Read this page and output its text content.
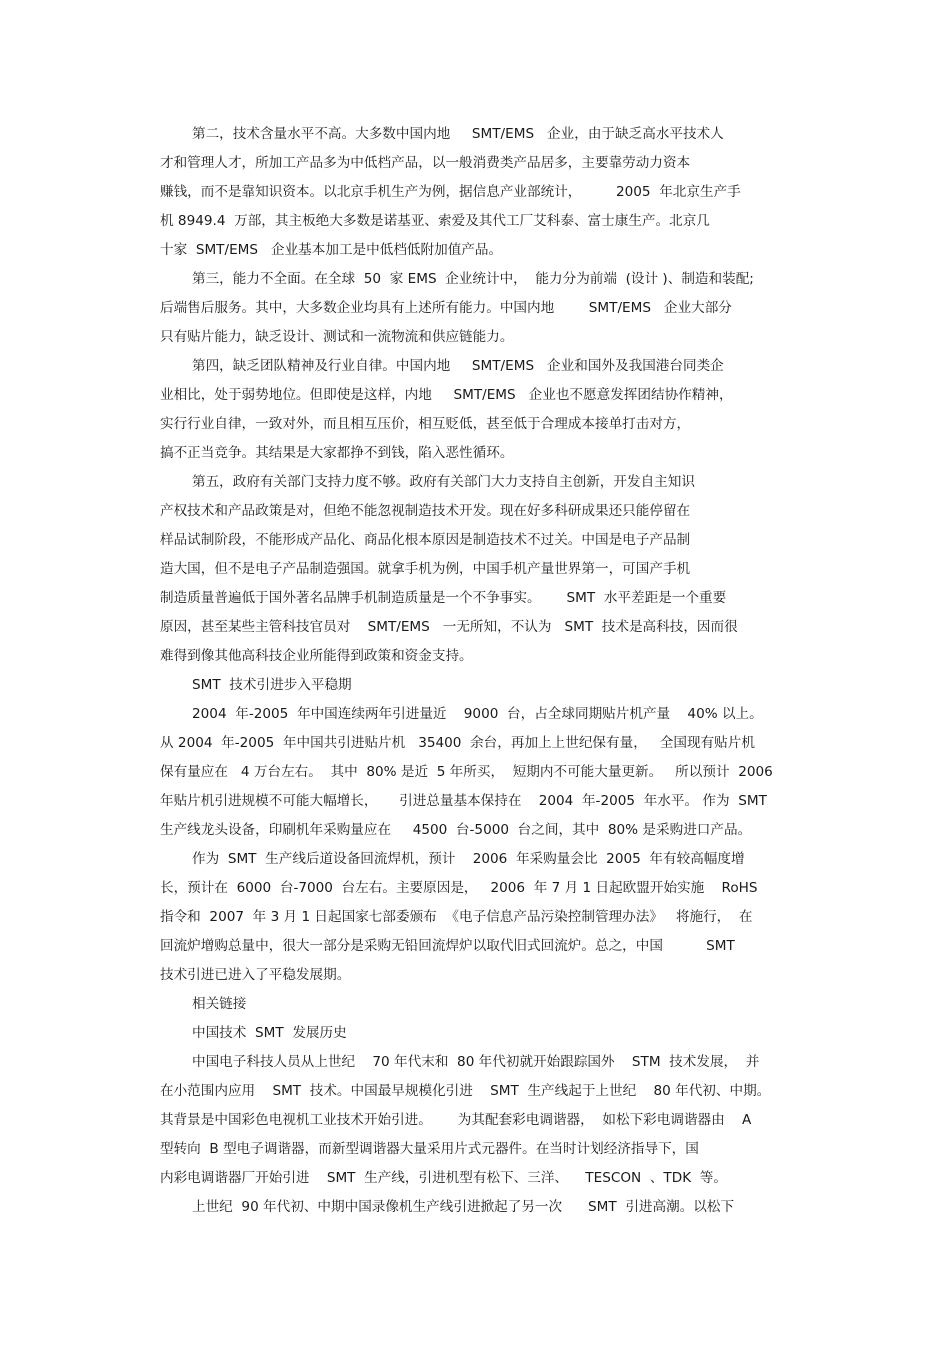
第二，技术含量水平不高。大多数中国内地     SMT/EMS   企业，由于缺乏高水平技术人
才和管理人才，所加工产品多为中低档产品，以一般消费类产品居多，主要靠劳动力资本
赚钱，而不是靠知识资本。以北京手机生产为例，据信息产业部统计，        2005  年北京生产手
机 8949.4  万部，其主板绝大多数是诺基亚、索爱及其代工厂艾科泰、富士康生产。北京几
十家  SMT/EMS   企业基本加工是中低档低附加值产品。
第三，能力不全面。在全球  50  家 EMS  企业统计中，  能力分为前端  (设计 )、制造和装配;
后端售后服务。其中，大多数企业均具有上述所有能力。中国内地        SMT/EMS   企业大部分
只有贴片能力，缺乏设计、测试和一流物流和供应链能力。
第四，缺乏团队精神及行业自律。中国内地     SMT/EMS   企业和国外及我国港台同类企
业相比，处于弱势地位。但即使是这样，内地     SMT/EMS   企业也不愿意发挥团结协作精神，
实行行业自律，一致对外，而且相互压价，相互贬低，甚至低于合理成本接单打击对方，
搞不正当竞争。其结果是大家都挣不到钱，陷入恶性循环。
第五，政府有关部门支持力度不够。政府有关部门大力支持自主创新，开发自主知识
产权技术和产品政策是对，但绝不能忽视制造技术开发。现在好多科研成果还只能停留在
样品试制阶段，不能形成产品化、商品化根本原因是制造技术不过关。中国是电子产品制
造大国，但不是电子产品制造强国。就拿手机为例，中国手机产量世界第一，可国产手机
制造质量普遍低于国外著名品牌手机制造质量是一个不争事实。      SMT  水平差距是一个重要
原因，甚至某些主管科技官员对    SMT/EMS   一无所知，不认为   SMT  技术是高科技，因而很
难得到像其他高科技企业所能得到政策和资金支持。
SMT  技术引进步入平稳期
2004  年-2005  年中国连续两年引进量近    9000  台，占全球同期贴片机产量    40% 以上。
从 2004  年-2005  年中国共引进贴片机   35400  余台，再加上上世纪保有量，   全国现有贴片机
保有量应在   4 万台左右。  其中  80% 是近  5 年所买，  短期内不可能大量更新。   所以预计  2006
年贴片机引进规模不可能大幅增长，     引进总量基本保持在    2004  年-2005  年水平。 作为  SMT
生产线龙头设备，印刷机年采购量应在     4500  台-5000  台之间，其中  80% 是采购进口产品。
作为  SMT  生产线后道设备回流焊机，预计    2006  年采购量会比  2005  年有较高幅度增
长，预计在  6000  台-7000  台左右。主要原因是，   2006  年 7 月 1 日起欧盟开始实施    RoHS
指令和  2007  年 3 月 1 日起国家七部委颁布  《电子信息产品污染控制管理办法》   将施行，  在
回流炉增购总量中，很大一部分是采购无铅回流焊炉以取代旧式回流炉。总之，中国          SMT
技术引进已进入了平稳发展期。
相关链接
中国技术  SMT  发展历史
中国电子科技人员从上世纪    70 年代末和  80 年代初就开始跟踪国外    STM  技术发展，  并
在小范围内应用    SMT  技术。中国最早规模化引进    SMT  生产线起于上世纪    80 年代初、中期。
其背景是中国彩色电视机工业技术开始引进。      为其配套彩电调谐器，  如松下彩电调谐器由    A
型转向  B 型电子调谐器，而新型调谐器大量采用片式元器件。在当时计划经济指导下，国
内彩电调谐器厂开始引进    SMT  生产线，引进机型有松下、三洋、    TESCON  、TDK  等。
上世纪  90 年代初、中期中国录像机生产线引进掀起了另一次      SMT  引进高潮。以松下
